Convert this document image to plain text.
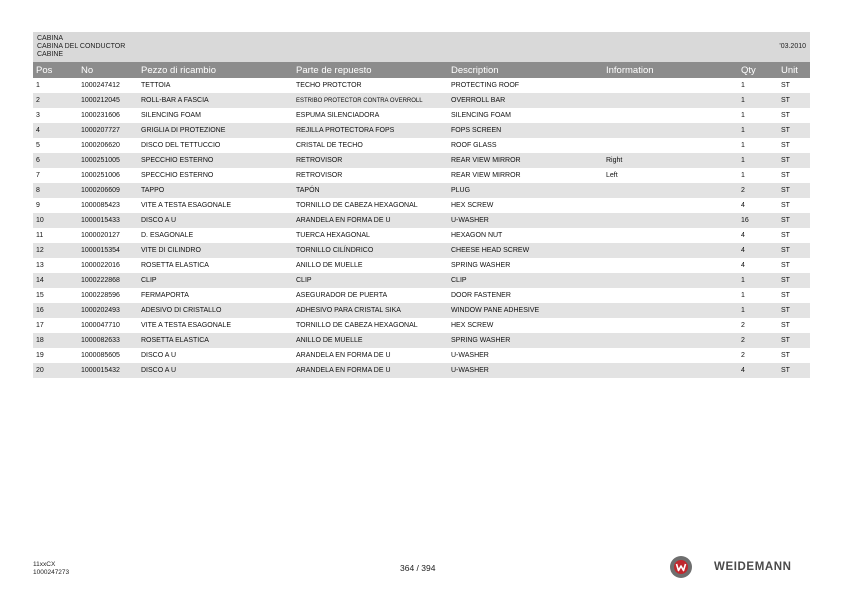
CABINA
CABINA DEL CONDUCTOR
CABINE
'03.2010
Pos	No	Pezzo di ricambio	Parte de repuesto	Description	Information	Qty	Unit
1	1000247412	TETTOIA	TECHO PROTCTOR	PROTECTING ROOF		1	ST
2	1000212045	ROLL-BAR A FASCIA	ESTRIBO PROTECTOR CONTRA OVERROLL	OVERROLL BAR		1	ST
3	1000231606	SILENCING FOAM	ESPUMA SILENCIADORA	SILENCING FOAM		1	ST
4	1000207727	GRIGLIA DI PROTEZIONE	REJILLA PROTECTORA FOPS	FOPS SCREEN		1	ST
5	1000206620	DISCO DEL TETTUCCIO	CRISTAL DE TECHO	ROOF GLASS		1	ST
6	1000251005	SPECCHIO ESTERNO	RETROVISOR	REAR VIEW MIRROR	Right	1	ST
7	1000251006	SPECCHIO ESTERNO	RETROVISOR	REAR VIEW MIRROR	Left	1	ST
8	1000206609	TAPPO	TAPÓN	PLUG		2	ST
9	1000085423	VITE A TESTA ESAGONALE	TORNILLO DE CABEZA HEXAGONAL	HEX SCREW		4	ST
10	1000015433	DISCO A U	ARANDELA EN FORMA DE U	U-WASHER		16	ST
11	1000020127	D. ESAGONALE	TUERCA HEXAGONAL	HEXAGON NUT		4	ST
12	1000015354	VITE DI CILINDRO	TORNILLO CILÍNDRICO	CHEESE HEAD SCREW		4	ST
13	1000022016	ROSETTA ELASTICA	ANILLO DE MUELLE	SPRING WASHER		4	ST
14	1000222868	CLIP	CLIP	CLIP		1	ST
15	1000228596	FERMAPORTA	ASEGURADOR DE PUERTA	DOOR FASTENER		1	ST
16	1000202493	ADESIVO DI CRISTALLO	ADHESIVO PARA CRISTAL SIKA	WINDOW PANE ADHESIVE		1	ST
17	1000047710	VITE A TESTA ESAGONALE	TORNILLO DE CABEZA HEXAGONAL	HEX SCREW		2	ST
18	1000082633	ROSETTA ELASTICA	ANILLO DE MUELLE	SPRING WASHER		2	ST
19	1000085605	DISCO A U	ARANDELA EN FORMA DE U	U-WASHER		2	ST
20	1000015432	DISCO A U	ARANDELA EN FORMA DE U	U-WASHER		4	ST
11xxCX
1000247273	364 / 394	WEIDEMANN
